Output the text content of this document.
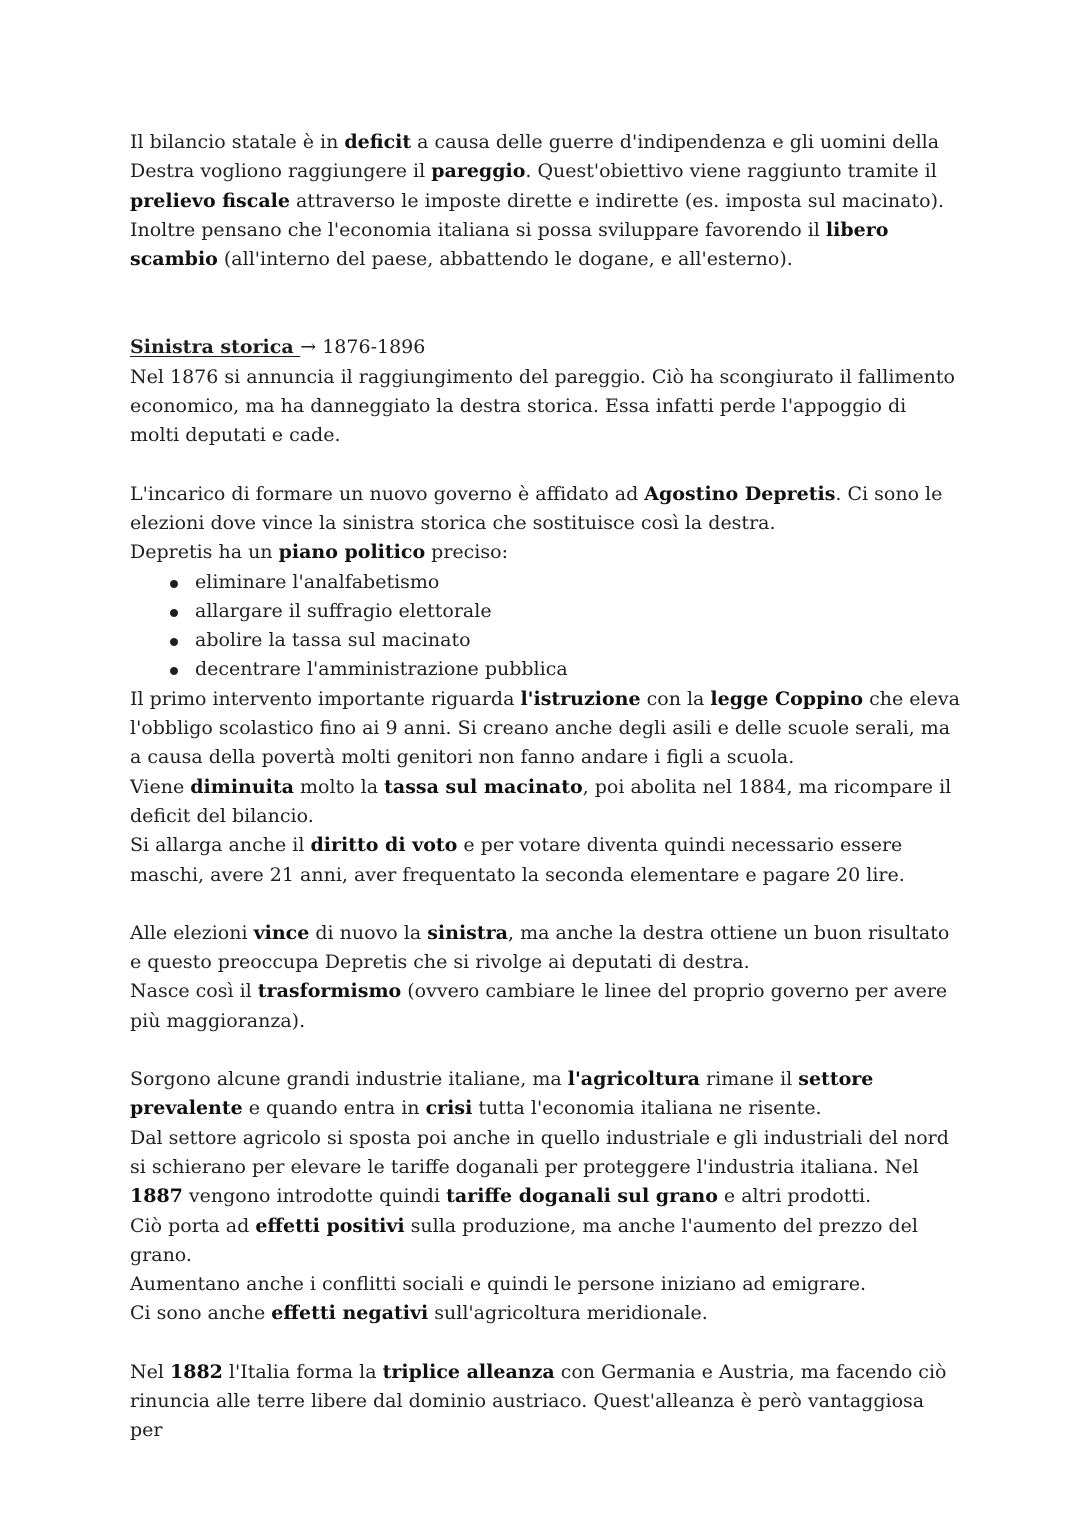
Il bilancio statale è in deficit a causa delle guerre d'indipendenza e gli uomini della Destra vogliono raggiungere il pareggio. Quest'obiettivo viene raggiunto tramite il prelievo fiscale attraverso le imposte dirette e indirette (es. imposta sul macinato). Inoltre pensano che l'economia italiana si possa sviluppare favorendo il libero scambio (all'interno del paese, abbattendo le dogane, e all'esterno).

Sinistra storica → 1876-1896

Nel 1876 si annuncia il raggiungimento del pareggio. Ciò ha scongiurato il fallimento economico, ma ha danneggiato la destra storica. Essa infatti perde l'appoggio di molti deputati e cade.

L'incarico di formare un nuovo governo è affidato ad Agostino Depretis. Ci sono le elezioni dove vince la sinistra storica che sostituisce così la destra.

Depretis ha un piano politico preciso:

eliminare l'analfabetismo
allargare il suffragio elettorale
abolire la tassa sul macinato
decentrare l'amministrazione pubblica

Il primo intervento importante riguarda l'istruzione con la legge Coppino che eleva l'obbligo scolastico fino ai 9 anni. Si creano anche degli asili e delle scuole serali, ma a causa della povertà molti genitori non fanno andare i figli a scuola.

Viene diminuita molto la tassa sul macinato, poi abolita nel 1884, ma ricompare il deficit del bilancio.

Si allarga anche il diritto di voto e per votare diventa quindi necessario essere maschi, avere 21 anni, aver frequentato la seconda elementare e pagare 20 lire.

Alle elezioni vince di nuovo la sinistra, ma anche la destra ottiene un buon risultato e questo preoccupa Depretis che si rivolge ai deputati di destra.

Nasce così il trasformismo (ovvero cambiare le linee del proprio governo per avere più maggioranza).

Sorgono alcune grandi industrie italiane, ma l'agricoltura rimane il settore prevalente e quando entra in crisi tutta l'economia italiana ne risente.

Dal settore agricolo si sposta poi anche in quello industriale e gli industriali del nord si schierano per elevare le tariffe doganali per proteggere l'industria italiana. Nel 1887 vengono introdotte quindi tariffe doganali sul grano e altri prodotti.

Ciò porta ad effetti positivi sulla produzione, ma anche l'aumento del prezzo del grano.

Aumentano anche i conflitti sociali e quindi le persone iniziano ad emigrare.

Ci sono anche effetti negativi sull'agricoltura meridionale.

Nel 1882 l'Italia forma la triplice alleanza con Germania e Austria, ma facendo ciò rinuncia alle terre libere dal dominio austriaco. Quest'alleanza è però vantaggiosa per
